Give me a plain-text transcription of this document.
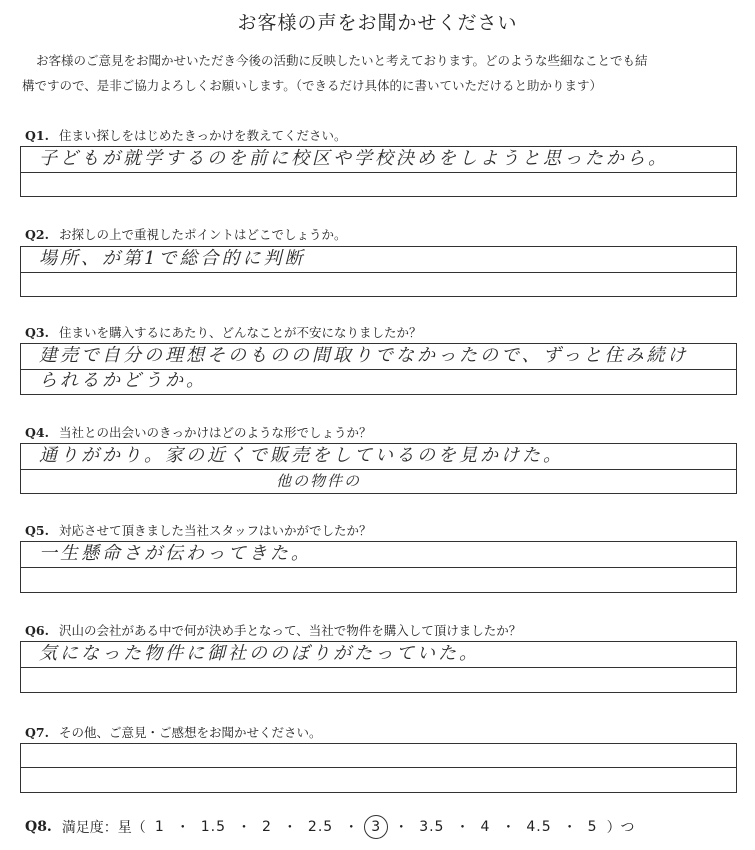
お客様の声をお聞かせください

お客様のご意見をお聞かせいただき今後の活動に反映したいと考えております。どのような些細なことでも結
構ですので、是非ご協力よろしくお願いします。（できるだけ具体的に書いていただけると助かります）

Q1. 住まい探しをはじめたきっかけを教えてください。
子どもが就学するのを前に校区や学校決めをしようと思ったから。
Q2. お探しの上で重視したポイントはどこでしょうか。
場所、が第1で総合的に判断
Q3. 住まいを購入するにあたり、どんなことが不安になりましたか？
建売で自分の理想そのものの間取りでなかったので、ずっと住み続け
られるかどうか。
Q4. 当社との出会いのきっかけはどのような形でしょうか？
通りがかり。家の近くで販売をしているのを見かけた。
他の物件の
Q5. 対応させて頂きました当社スタッフはいかがでしたか？
一生懸命さが伝わってきた。
Q6. 沢山の会社がある中で何が決め手となって、当社で物件を購入して頂けましたか？
気になった物件に御社ののぼりがたっていた。
Q7. その他、ご意見・ご感想をお聞かせください。
Q8. 満足度：星（ 1 ・ 1.5 ・ 2 ・ 2.5 ・ 3 ・ 3.5 ・ 4 ・ 4.5 ・ 5 ）つ
